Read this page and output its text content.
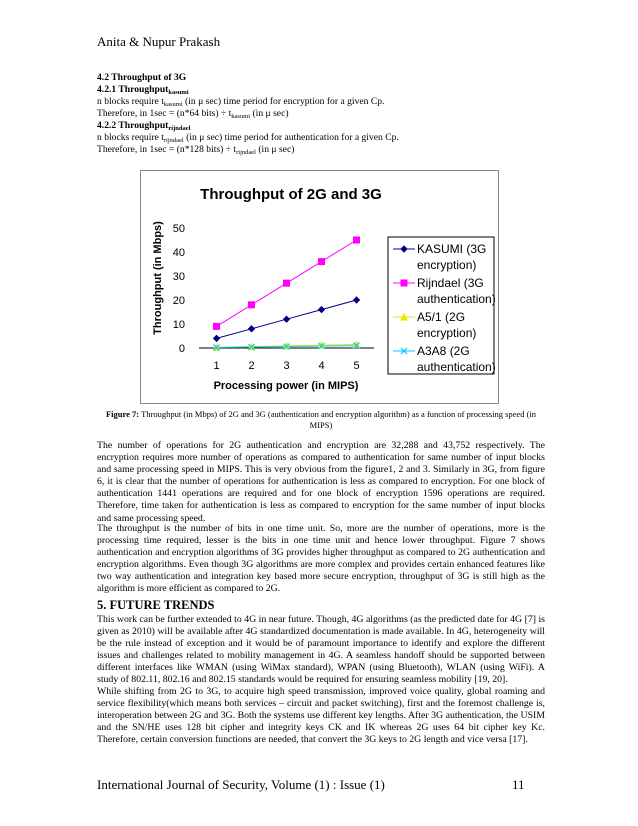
Anita & Nupur Prakash
4.2 Throughput of 3G
4.2.1 Throughput$_{kasumi}$
n blocks require $t_{kasumi}$ (in μ sec) time period for encryption for a given Cp.
Therefore, in 1sec = (n*64 bits) ÷ $t_{kasumi}$ (in μ sec)
4.2.2 Throughput$_{rijndael}$
n blocks require $t_{rijndael}$ (in μ sec) time period for authentication for a given Cp.
Therefore, in 1sec = (n*128 bits) ÷ $t_{rijndael}$ (in μ sec)
Throughput of 2G and 3G
Throughput (in Mbps)
Processing power (in MIPS)
0
10
20
30
40
50
1	2	3	4	5
KASUMI (3G
encryption)
Rijndael (3G
authentication)
A5/1 (2G
encryption)
A3A8 (2G
authentication)
Figure 7: Throughput (in Mbps) of 2G and 3G (authentication and encryption algorithm) as a function of processing speed (in MIPS)
The number of operations for 2G authentication and encryption are 32,288 and 43,752 respectively. The encryption requires more number of operations as compared to authentication for same number of input blocks and same processing speed in MIPS. This is very obvious from the figure1, 2 and 3. Similarly in 3G, from figure 6, it is clear that the number of operations for authentication is less as compared to encryption. For one block of authentication 1441 operations are required and for one block of encryption 1596 operations are required. Therefore, time taken for authentication is less as compared to encryption for the same number of input blocks and same processing speed.
The throughput is the number of bits in one time unit. So, more are the number of operations, more is the processing time required, lesser is the bits in one time unit and hence lower throughput. Figure 7 shows authentication and encryption algorithms of 3G provides higher throughput as compared to 2G authentication and encryption algorithms. Even though 3G algorithms are more complex and provides certain enhanced features like two way authentication and integration key based more secure encryption, throughput of 3G is still high as the algorithm is more efficient as compared to 2G.
5. FUTURE TRENDS
This work can be further extended to 4G in near future. Though, 4G algorithms (as the predicted date for 4G [7] is given as 2010) will be available after 4G standardized documentation is made available. In 4G, heterogeneity will be the rule instead of exception and it would be of paramount importance to identify and explore the different issues and challenges related to mobility management in 4G. A seamless handoff should be supported between different interfaces like WMAN (using WiMax standard), WPAN (using Bluetooth), WLAN (using WiFi). A study of 802.11, 802.16 and 802.15 standards would be required for ensuring seamless mobility [19, 20].
While shifting from 2G to 3G, to acquire high speed transmission, improved voice quality, global roaming and service flexibility(which means both services – circuit and packet switching), first and the foremost challenge is, interoperation between 2G and 3G. Both the systems use different key lengths. After 3G authentication, the USIM and the SN/HE uses 128 bit cipher and integrity keys CK and IK whereas 2G uses 64 bit cipher key Kc. Therefore, certain conversion functions are needed, that convert the 3G keys to 2G length and vice versa [17].
International Journal of Security, Volume (1) : Issue (1)	11
